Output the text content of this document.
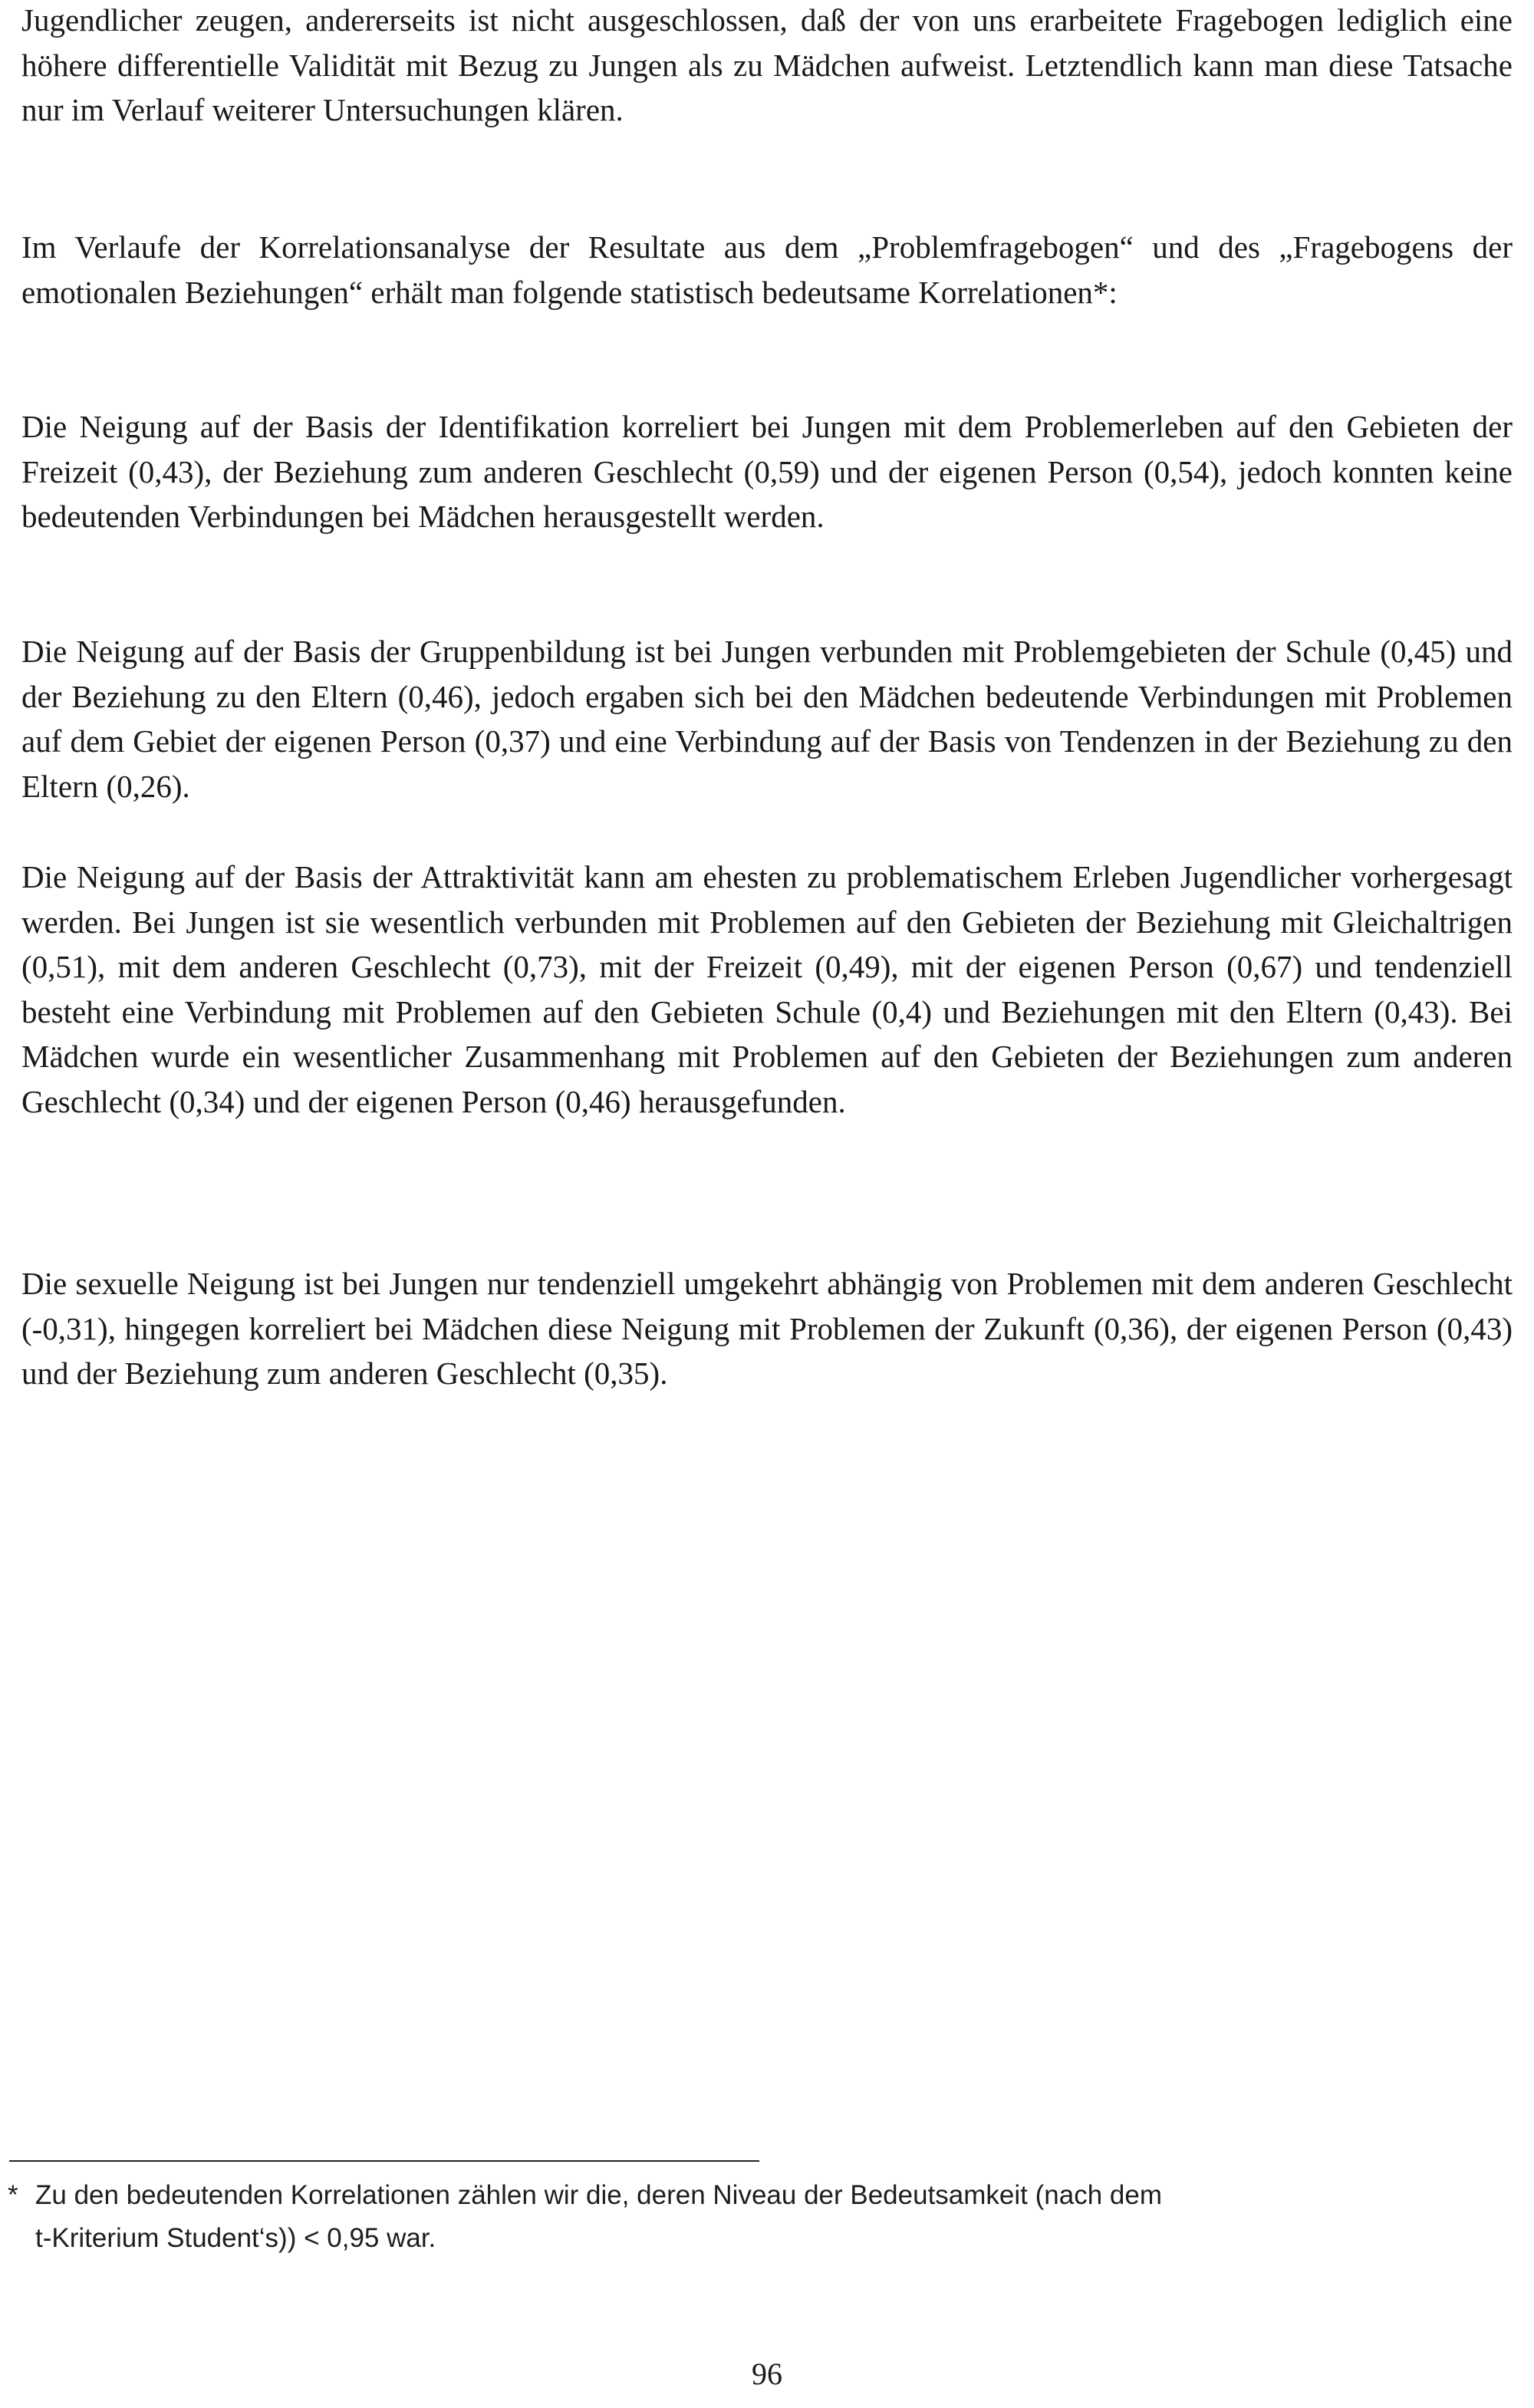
Jugendlicher zeugen, andererseits ist nicht ausgeschlossen, daß der von uns erarbeitete Fragebogen lediglich eine höhere differentielle Validität mit Bezug zu Jungen als zu Mädchen aufweist. Letztendlich kann man diese Tatsache nur im Verlauf weiterer Untersuchungen klären.

Im Verlaufe der Korrelationsanalyse der Resultate aus dem „Problemfragebogen“ und des „Fragebogens der emotionalen Beziehungen“ erhält man folgende statistisch bedeutsame Korrelationen*:

Die Neigung auf der Basis der Identifikation korreliert bei Jungen mit dem Problemerleben auf den Gebieten der Freizeit (0,43), der Beziehung zum anderen Geschlecht (0,59) und der eigenen Person (0,54), jedoch konnten keine bedeutenden Verbindungen bei Mädchen herausgestellt werden.

Die Neigung auf der Basis der Gruppenbildung ist bei Jungen verbunden mit Problemgebieten der Schule (0,45) und der Beziehung zu den Eltern (0,46), jedoch ergaben sich bei den Mädchen bedeutende Verbindungen mit Problemen auf dem Gebiet der eigenen Person (0,37) und eine Verbindung auf der Basis von Tendenzen in der Beziehung zu den Eltern (0,26).

Die Neigung auf der Basis der Attraktivität kann am ehesten zu problematischem Erleben Jugendlicher vorhergesagt werden. Bei Jungen ist sie wesentlich verbunden mit Problemen auf den Gebieten der Beziehung mit Gleichaltrigen (0,51), mit dem anderen Geschlecht (0,73), mit der Freizeit (0,49), mit der eigenen Person (0,67) und tendenziell besteht eine Verbindung mit Problemen auf den Gebieten Schule (0,4) und Beziehungen mit den Eltern (0,43). Bei Mädchen wurde ein wesentlicher Zusammenhang mit Problemen auf den Gebieten der Beziehungen zum anderen Geschlecht (0,34) und der eigenen Person (0,46) herausgefunden.

Die sexuelle Neigung ist bei Jungen nur tendenziell umgekehrt abhängig von Problemen mit dem anderen Geschlecht (-0,31), hingegen korreliert bei Mädchen diese Neigung mit Problemen der Zukunft (0,36), der eigenen Person (0,43) und der Beziehung zum anderen Geschlecht (0,35).

* Zu den bedeutenden Korrelationen zählen wir die, deren Niveau der Bedeutsamkeit (nach dem
t-Kriterium Student‘s)) < 0,95 war.

96
